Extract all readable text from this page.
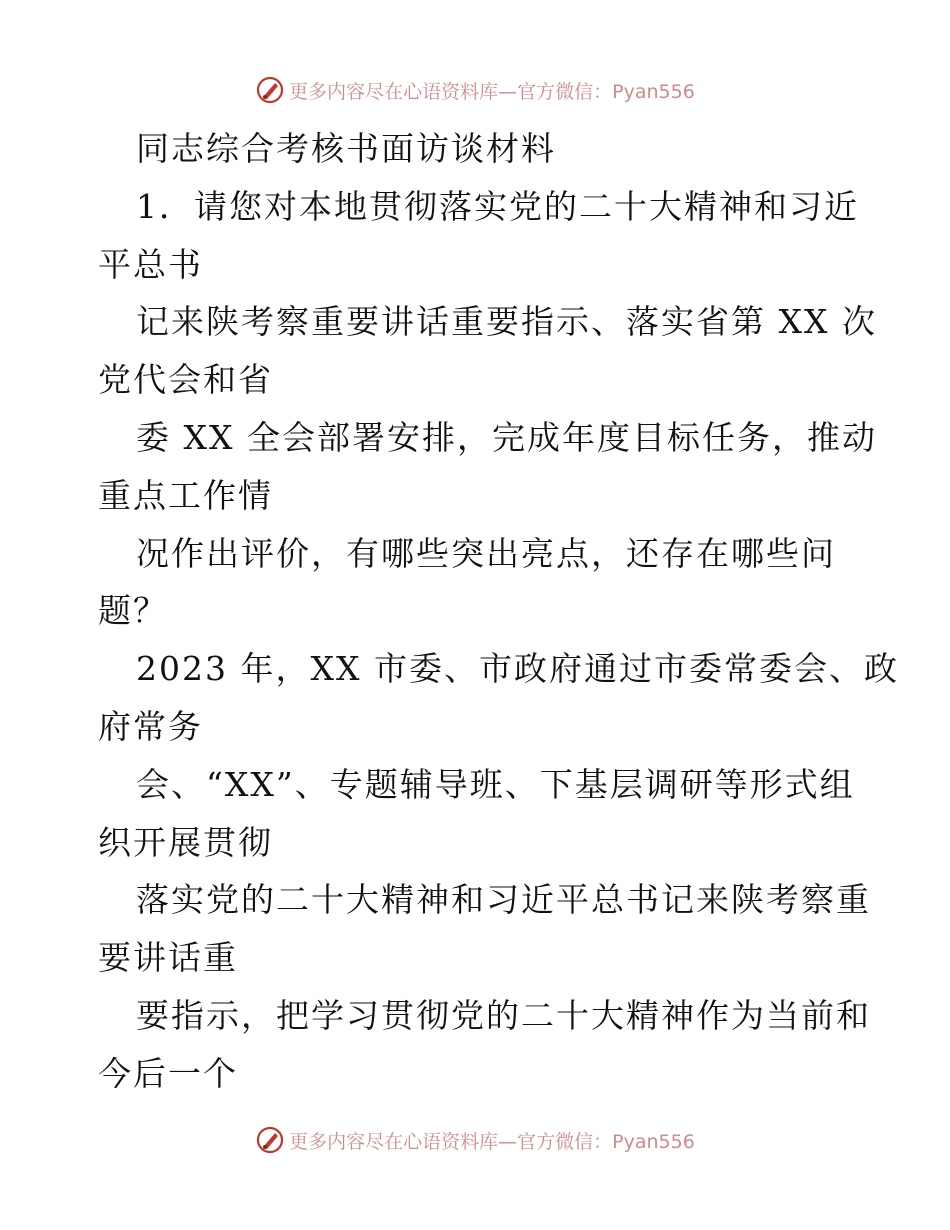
更多内容尽在心语资料库—官方微信：Pyan556
同志综合考核书面访谈材料
1．请您对本地贯彻落实党的二十大精神和习近
平总书
记来陕考察重要讲话重要指示、落实省第 XX 次
党代会和省
委 XX 全会部署安排，完成年度目标任务，推动
重点工作情
况作出评价，有哪些突出亮点，还存在哪些问
题？
2023 年，XX 市委、市政府通过市委常委会、政
府常务
会、“XX”、专题辅导班、下基层调研等形式组
织开展贯彻
落实党的二十大精神和习近平总书记来陕考察重
要讲话重
要指示，把学习贯彻党的二十大精神作为当前和
今后一个
更多内容尽在心语资料库—官方微信：Pyan556
